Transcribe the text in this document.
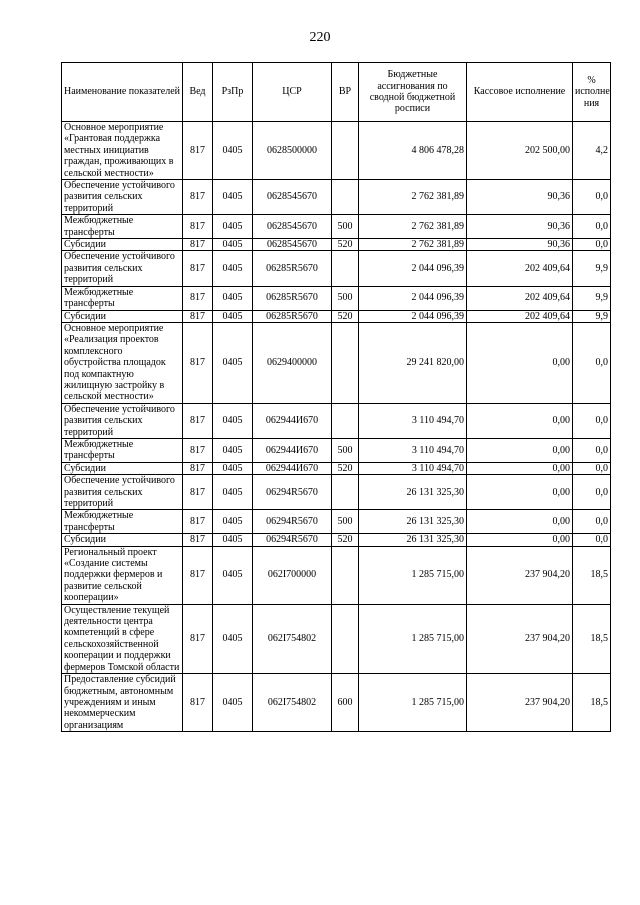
220
Наименование показателей	Вед	РзПр	ЦСР	ВР	Бюджетные ассигнования по сводной бюджетной росписи	Кассовое исполнение	% исполне ния
Основное мероприятие «Грантовая поддержка местных инициатив граждан, проживающих в сельской местности»	817	0405	0628500000		4 806 478,28	202 500,00	4,2
Обеспечение устойчивого развития сельских территорий	817	0405	0628545670		2 762 381,89	90,36	0,0
Межбюджетные трансферты	817	0405	0628545670	500	2 762 381,89	90,36	0,0
Субсидии	817	0405	0628545670	520	2 762 381,89	90,36	0,0
Обеспечение устойчивого развития сельских территорий	817	0405	06285R5670		2 044 096,39	202 409,64	9,9
Межбюджетные трансферты	817	0405	06285R5670	500	2 044 096,39	202 409,64	9,9
Субсидии	817	0405	06285R5670	520	2 044 096,39	202 409,64	9,9
Основное мероприятие «Реализация проектов комплексного обустройства площадок под компактную жилищную застройку в сельской местности»	817	0405	0629400000		29 241 820,00	0,00	0,0
Обеспечение устойчивого развития сельских территорий	817	0405	062944И670		3 110 494,70	0,00	0,0
Межбюджетные трансферты	817	0405	062944И670	500	3 110 494,70	0,00	0,0
Субсидии	817	0405	062944И670	520	3 110 494,70	0,00	0,0
Обеспечение устойчивого развития сельских территорий	817	0405	06294R5670		26 131 325,30	0,00	0,0
Межбюджетные трансферты	817	0405	06294R5670	500	26 131 325,30	0,00	0,0
Субсидии	817	0405	06294R5670	520	26 131 325,30	0,00	0,0
Региональный проект «Создание системы поддержки фермеров и развитие сельской кооперации»	817	0405	062I700000		1 285 715,00	237 904,20	18,5
Осуществление текущей деятельности центра компетенций в сфере сельскохозяйственной кооперации и поддержки фермеров Томской области	817	0405	062I754802		1 285 715,00	237 904,20	18,5
Предоставление субсидий бюджетным, автономным учреждениям и иным некоммерческим организациям	817	0405	062I754802	600	1 285 715,00	237 904,20	18,5
